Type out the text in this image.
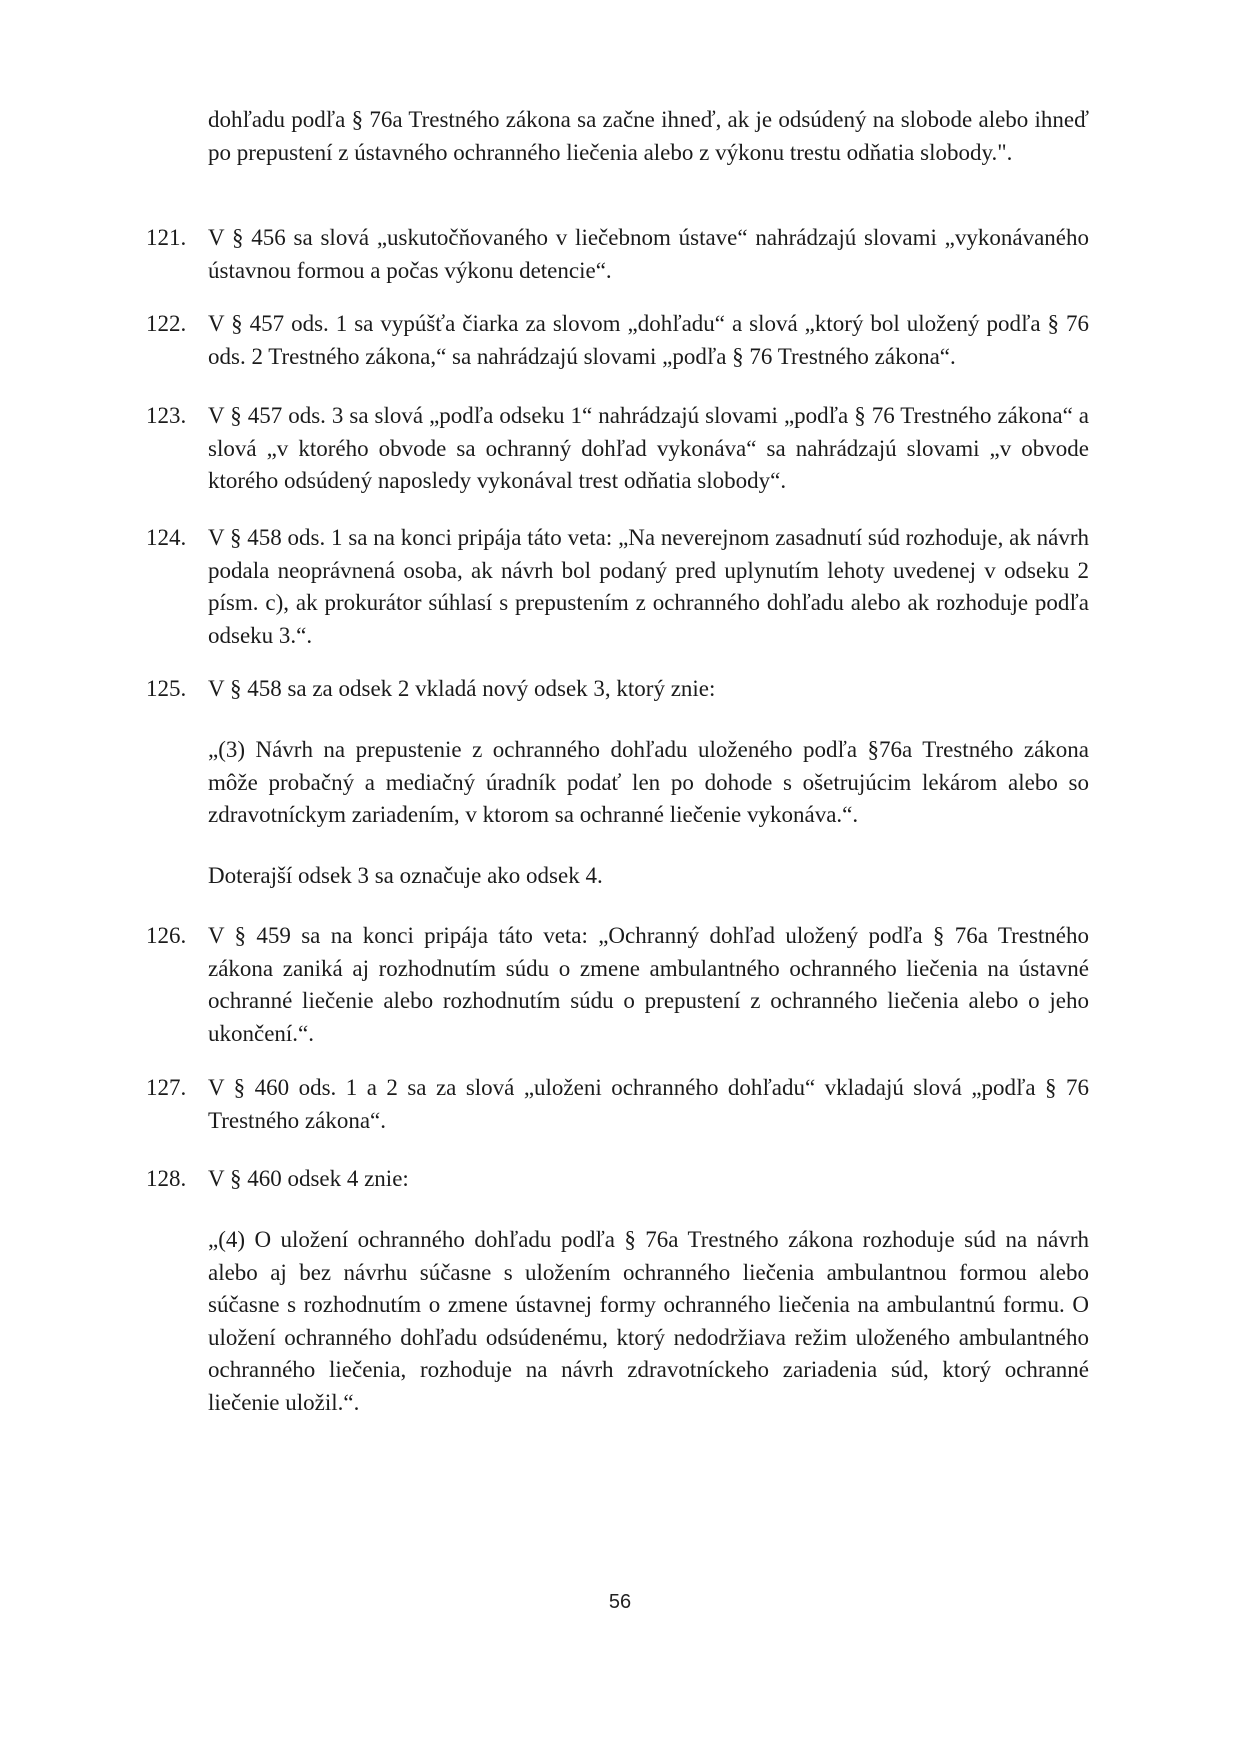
dohľadu podľa § 76a Trestného zákona sa začne ihneď, ak je odsúdený na slobode alebo ihneď po prepustení z ústavného ochranného liečenia alebo z výkonu trestu odňatia slobody.".
121. V § 456 sa slová „uskutočňovaného v liečebnom ústave“ nahrádzajú slovami „vykonávaného ústavnou formou a počas výkonu detencie“.
122. V § 457 ods. 1 sa vypúšťa čiarka za slovom „dohľadu“ a slová „ktorý bol uložený podľa § 76 ods. 2 Trestného zákona,“ sa nahrádzajú slovami „podľa § 76 Trestného zákona“.
123. V § 457 ods. 3 sa slová „podľa odseku 1“ nahrádzajú slovami „podľa § 76 Trestného zákona“ a slová „v ktorého obvode sa ochranný dohľad vykonáva“ sa nahrádzajú slovami „v obvode ktorého odsúdený naposledy vykonával trest odňatia slobody“.
124. V § 458 ods. 1 sa na konci pripája táto veta: „Na neverejnom zasadnutí súd rozhoduje, ak návrh podala neoprávnená osoba, ak návrh bol podaný pred uplynutím lehoty uvedenej v odseku 2 písm. c), ak prokurátor súhlasí s prepustením z ochranného dohľadu alebo ak rozhoduje podľa odseku 3.“.
125. V § 458 sa za odsek 2 vkladá nový odsek 3, ktorý znie:
„(3) Návrh na prepustenie z ochranného dohľadu uloženého podľa §76a Trestného zákona môže probačný a mediačný úradník podať len po dohode s ošetrujúcim lekárom alebo so zdravotníckym zariadením, v ktorom sa ochranné liečenie vykonáva.“.
Doterajší odsek 3 sa označuje ako odsek 4.
126. V § 459 sa na konci pripája táto veta: „Ochranný dohľad uložený podľa § 76a Trestného zákona zaniká aj rozhodnutím súdu o zmene ambulantného ochranného liečenia na ústavné ochranné liečenie alebo rozhodnutím súdu o prepustení z ochranného liečenia alebo o jeho ukončení.“.
127. V § 460 ods. 1 a 2 sa za slová „uloženi ochranného dohľadu“ vkladajú slová „podľa § 76 Trestného zákona“.
128. V § 460 odsek 4 znie:
„(4) O uložení ochranného dohľadu podľa § 76a Trestného zákona rozhoduje súd na návrh alebo aj bez návrhu súčasne s uložením ochranného liečenia ambulantnou formou alebo súčasne s rozhodnutím o zmene ústavnej formy ochranného liečenia na ambulantnú formu. O uložení ochranného dohľadu odsúdenému, ktorý nedodržiava režim uloženého ambulantného ochranného liečenia, rozhoduje na návrh zdravotníckeho zariadenia súd, ktorý ochranné liečenie uložil.“.
56
